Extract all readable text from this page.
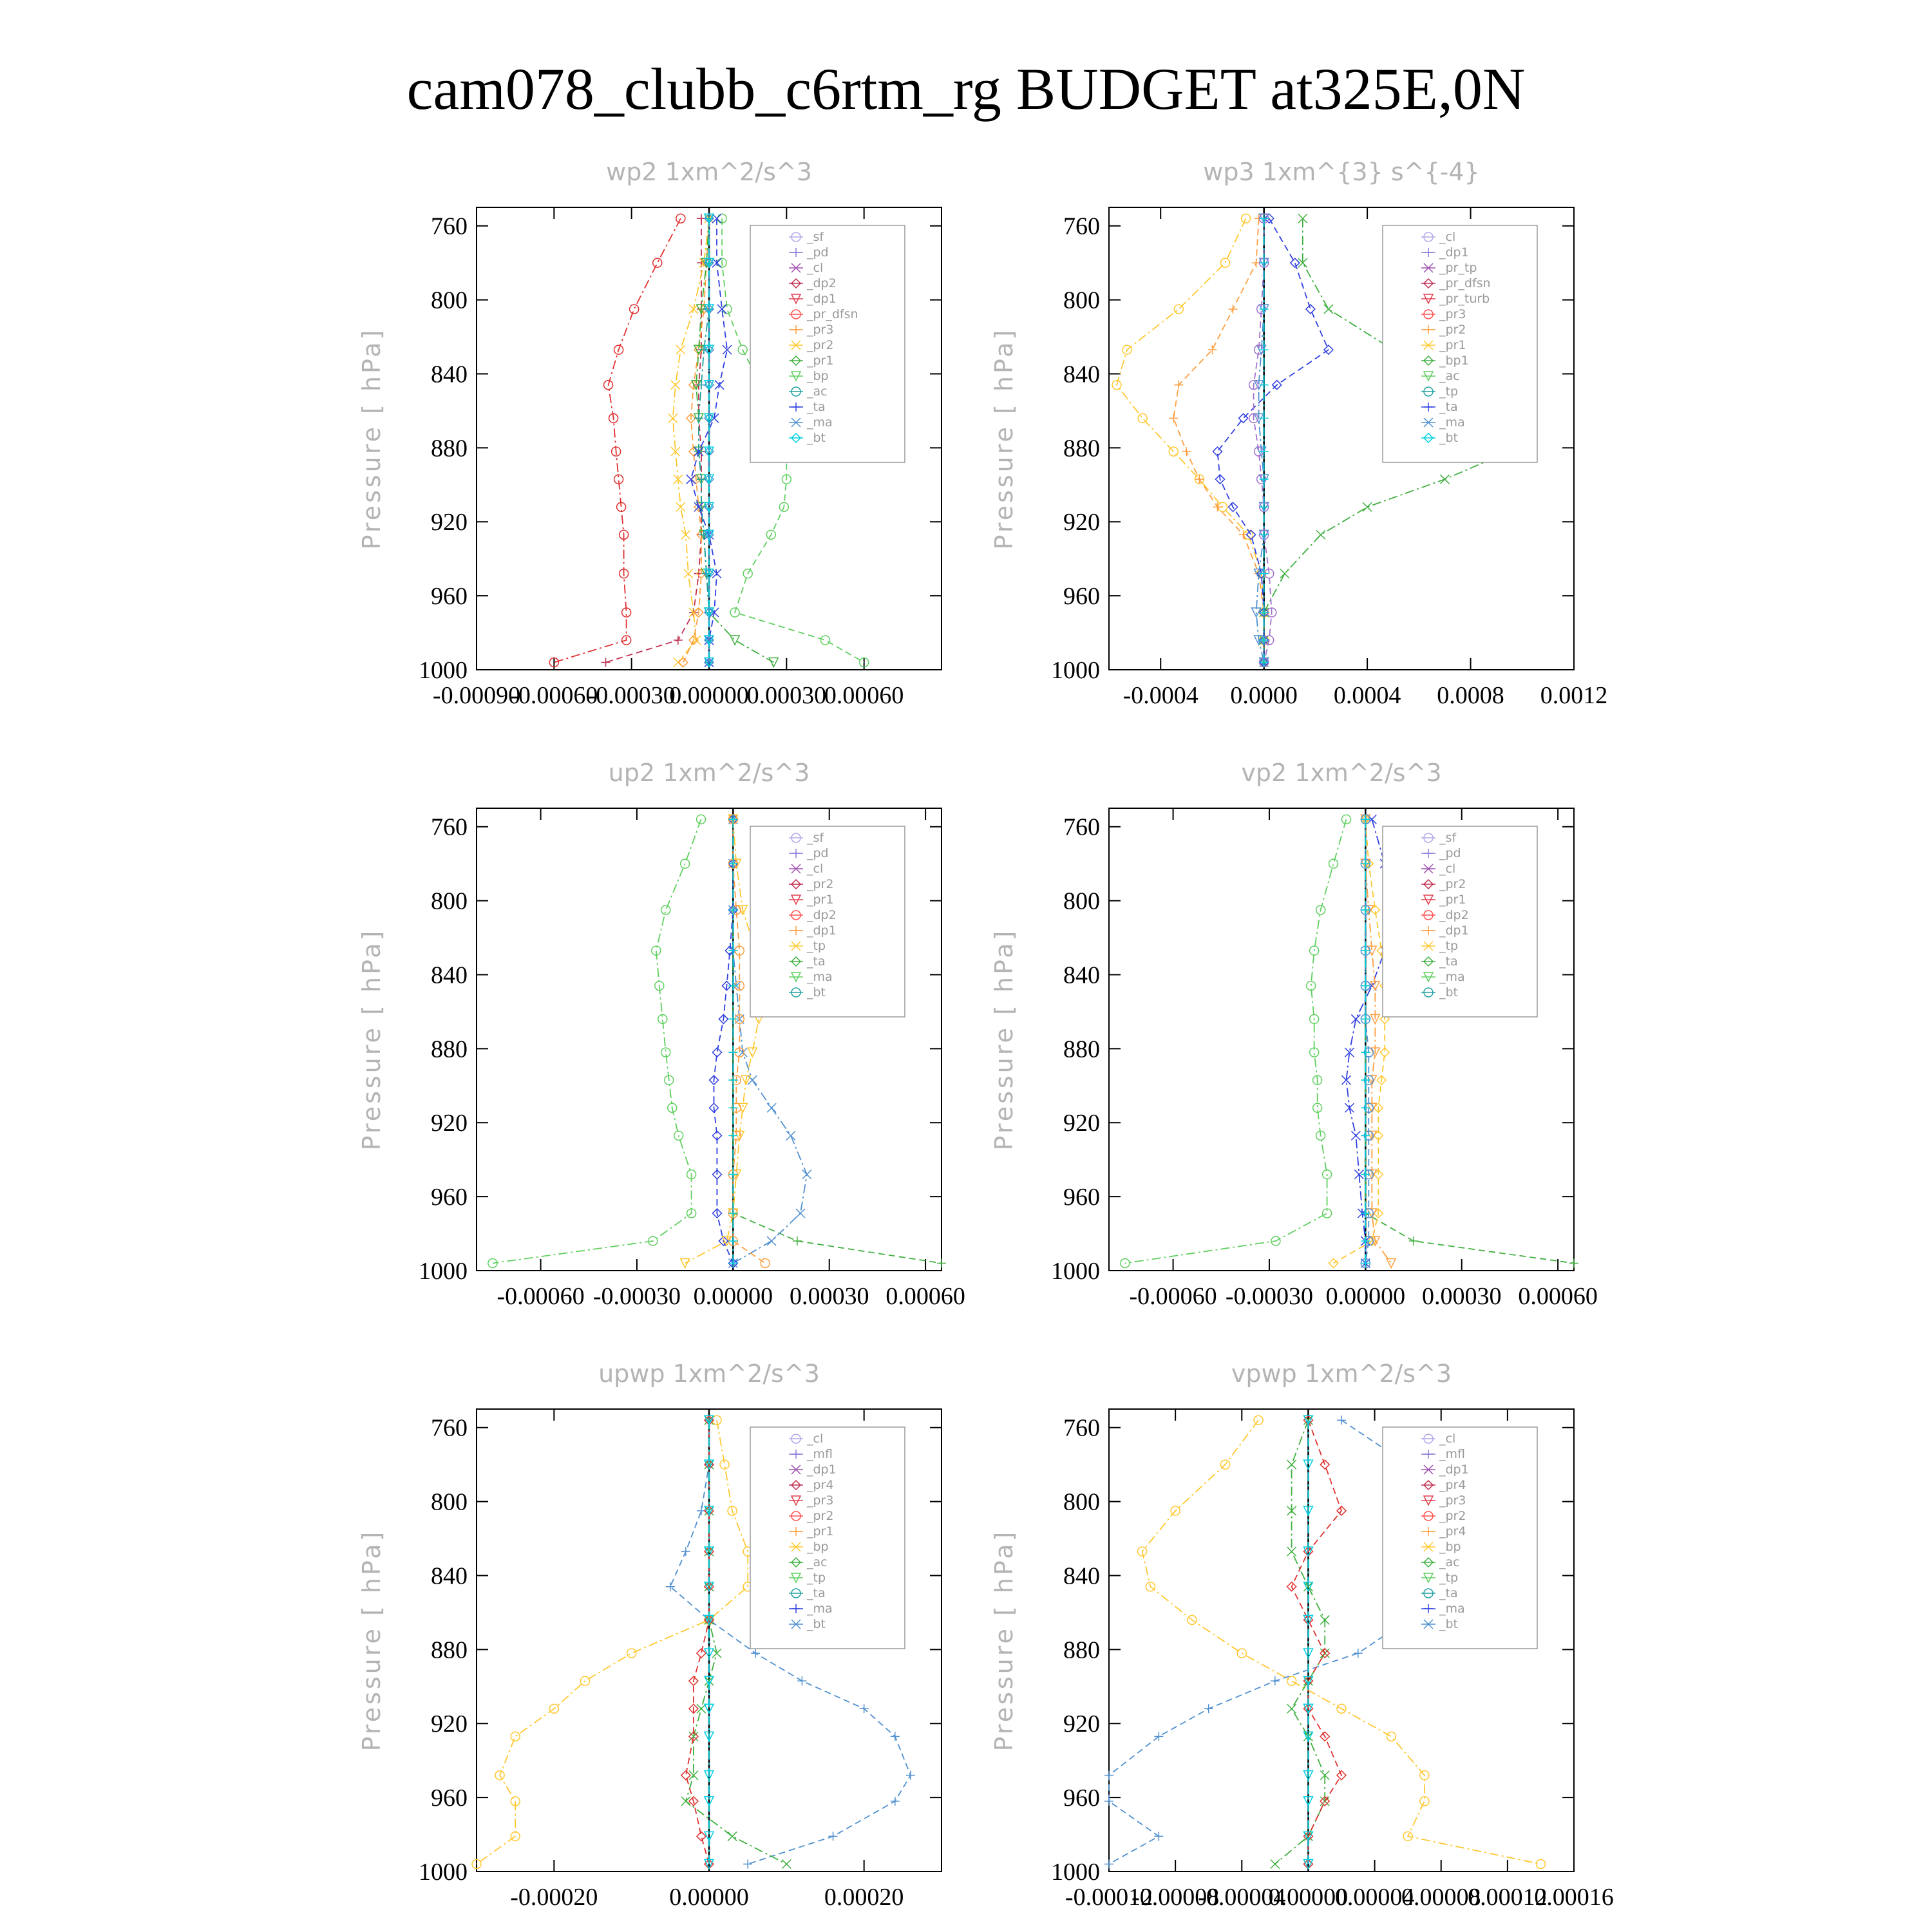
cam078_clubb_c6rtm_rg BUDGET at325E,0N
wp2 1xm^2/s^3
Pressure [ hPa]
760
800
840
880
920
960
1000
-0.00090
-0.00060
-0.00030
0.00000
0.00030
0.00060
_sf
_pd
_cl
_dp2
_dp1
_pr_dfsn
_pr3
_pr2
_pr1
_bp
_ac
_ta
_ma
_bt
wp3 1xm^{3} s^{-4}
Pressure [ hPa]
760
800
840
880
920
960
1000
-0.0004 0.0000 0.0004 0.0008 0.0012
_cl
_dp1
_pr_tp
_pr_dfsn
_pr_turb
_pr3
_pr2
_pr1
_bp1
_ac
_tp
_ta
_ma
_bt
up2 1xm^2/s^3
Pressure [ hPa]
760
800
840
880
920
960
1000
-0.00060 -0.00030 0.00000 0.00030 0.00060
_sf
_pd
_cl
_pr2
_pr1
_dp2
_dp1
_tp
_ta
_ma
_bt
vp2 1xm^2/s^3
Pressure [ hPa]
760
800
840
880
920
960
1000
-0.00060 -0.00030 0.00000 0.00030 0.00060
_sf
_pd
_cl
_pr2
_pr1
_dp2
_dp1
_tp
_ta
_ma
_bt
upwp 1xm^2/s^3
Pressure [ hPa]
760
800
840
880
920
960
1000
-0.00020	0.00000	0.00020
_cl
_mfl
_dp1
_pr4
_pr3
_pr2
_pr1
_bp
_ac
_tp
_ta
_ma
_bt
vpwp 1xm^2/s^3
Pressure [ hPa]
760
800
840
880
920
960
1000
-0.00012
-0.00008
-0.00004
0.00000
0.00004
0.00008
0.00012
0.00016
_cl
_mfl
_dp1
_pr4
_pr3
_pr2
_pr4
_bp
_ac
_tp
_ta
_ma
_bt
